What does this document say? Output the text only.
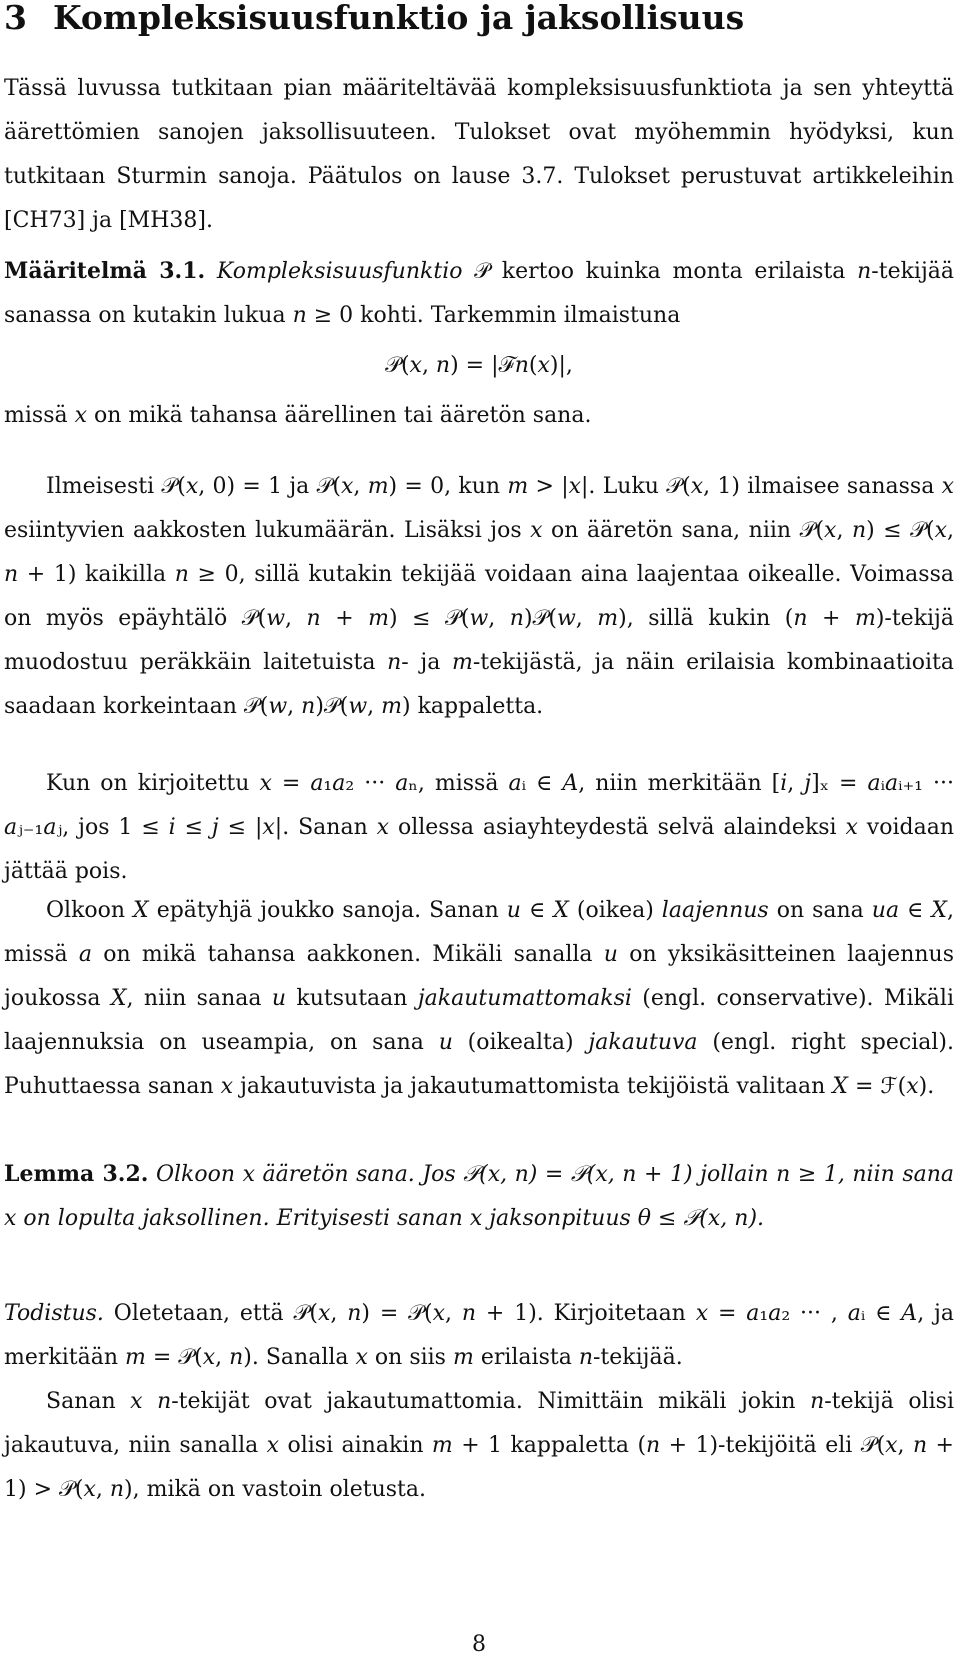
3 Kompleksisuusfunktio ja jaksollisuus

Tässä luvussa tutkitaan pian määriteltävää kompleksisuusfunktiota ja sen yhteyttä äärettömien sanojen jaksollisuuteen. Tulokset ovat myöhemmin hyödyksi, kun tutkitaan Sturmin sanoja. Päätulos on lause 3.7. Tulokset perustuvat artikkeleihin [CH73] ja [MH38].

Määritelmä 3.1. Kompleksisuusfunktio 𝒫 kertoo kuinka monta erilaista 𝑛-tekijää sanassa on kutakin lukua 𝑛 ≥ 0 kohti. Tarkemmin ilmaistuna

𝒫(𝑥, 𝑛) = |ℱ𝑛(𝑥)|,

missä 𝑥 on mikä tahansa äärellinen tai ääretön sana.

Ilmeisesti 𝒫(𝑥, 0) = 1 ja 𝒫(𝑥, 𝑚) = 0, kun 𝑚 > |𝑥|. Luku 𝒫(𝑥, 1) ilmaisee sanassa 𝑥 esiintyvien aakkosten lukumäärän. Lisäksi jos 𝑥 on ääretön sana, niin 𝒫(𝑥, 𝑛) ≤ 𝒫(𝑥, 𝑛 + 1) kaikilla 𝑛 ≥ 0, sillä kutakin tekijää voidaan aina laajentaa oikealle. Voimassa on myös epäyhtälö 𝒫(𝑤, 𝑛 + 𝑚) ≤ 𝒫(𝑤, 𝑛)𝒫(𝑤, 𝑚), sillä kukin (𝑛 + 𝑚)-tekijä muodostuu peräkkäin laitetuista 𝑛- ja 𝑚-tekijästä, ja näin erilaisia kombinaatioita saadaan korkeintaan 𝒫(𝑤, 𝑛)𝒫(𝑤, 𝑚) kappaletta.

Kun on kirjoitettu 𝑥 = 𝑎₁𝑎₂ ··· 𝑎ₙ, missä 𝑎ᵢ ∈ 𝐴, niin merkitään [𝑖, 𝑗]ₓ = 𝑎ᵢ𝑎ᵢ₊₁ ··· 𝑎ⱼ₋₁𝑎ⱼ, jos 1 ≤ 𝑖 ≤ 𝑗 ≤ |𝑥|. Sanan 𝑥 ollessa asiayhteydestä selvä alaindeksi 𝑥 voidaan jättää pois.

Olkoon 𝑋 epätyhjä joukko sanoja. Sanan 𝑢 ∈ 𝑋 (oikea) laajennus on sana 𝑢𝑎 ∈ 𝑋, missä 𝑎 on mikä tahansa aakkonen. Mikäli sanalla 𝑢 on yksikäsitteinen laajennus joukossa 𝑋, niin sanaa 𝑢 kutsutaan jakautumattomaksi (engl. conservative). Mikäli laajennuksia on useampia, on sana 𝑢 (oikealta) jakautuva (engl. right special). Puhuttaessa sanan 𝑥 jakautuvista ja jakautumattomista tekijöistä valitaan 𝑋 = ℱ(𝑥).

Lemma 3.2. Olkoon 𝑥 ääretön sana. Jos 𝒫(𝑥, 𝑛) = 𝒫(𝑥, 𝑛 + 1) jollain 𝑛 ≥ 1, niin sana 𝑥 on lopulta jaksollinen. Erityisesti sanan 𝑥 jaksonpituus θ ≤ 𝒫(𝑥, 𝑛).

Todistus. Oletetaan, että 𝒫(𝑥, 𝑛) = 𝒫(𝑥, 𝑛 + 1). Kirjoitetaan 𝑥 = 𝑎₁𝑎₂ ··· , 𝑎ᵢ ∈ 𝐴, ja merkitään 𝑚 = 𝒫(𝑥, 𝑛). Sanalla 𝑥 on siis 𝑚 erilaista 𝑛-tekijää.

Sanan 𝑥 𝑛-tekijät ovat jakautumattomia. Nimittäin mikäli jokin 𝑛-tekijä olisi jakautuva, niin sanalla 𝑥 olisi ainakin 𝑚 + 1 kappaletta (𝑛 + 1)-tekijöitä eli 𝒫(𝑥, 𝑛 + 1) > 𝒫(𝑥, 𝑛), mikä on vastoin oletusta.

8
